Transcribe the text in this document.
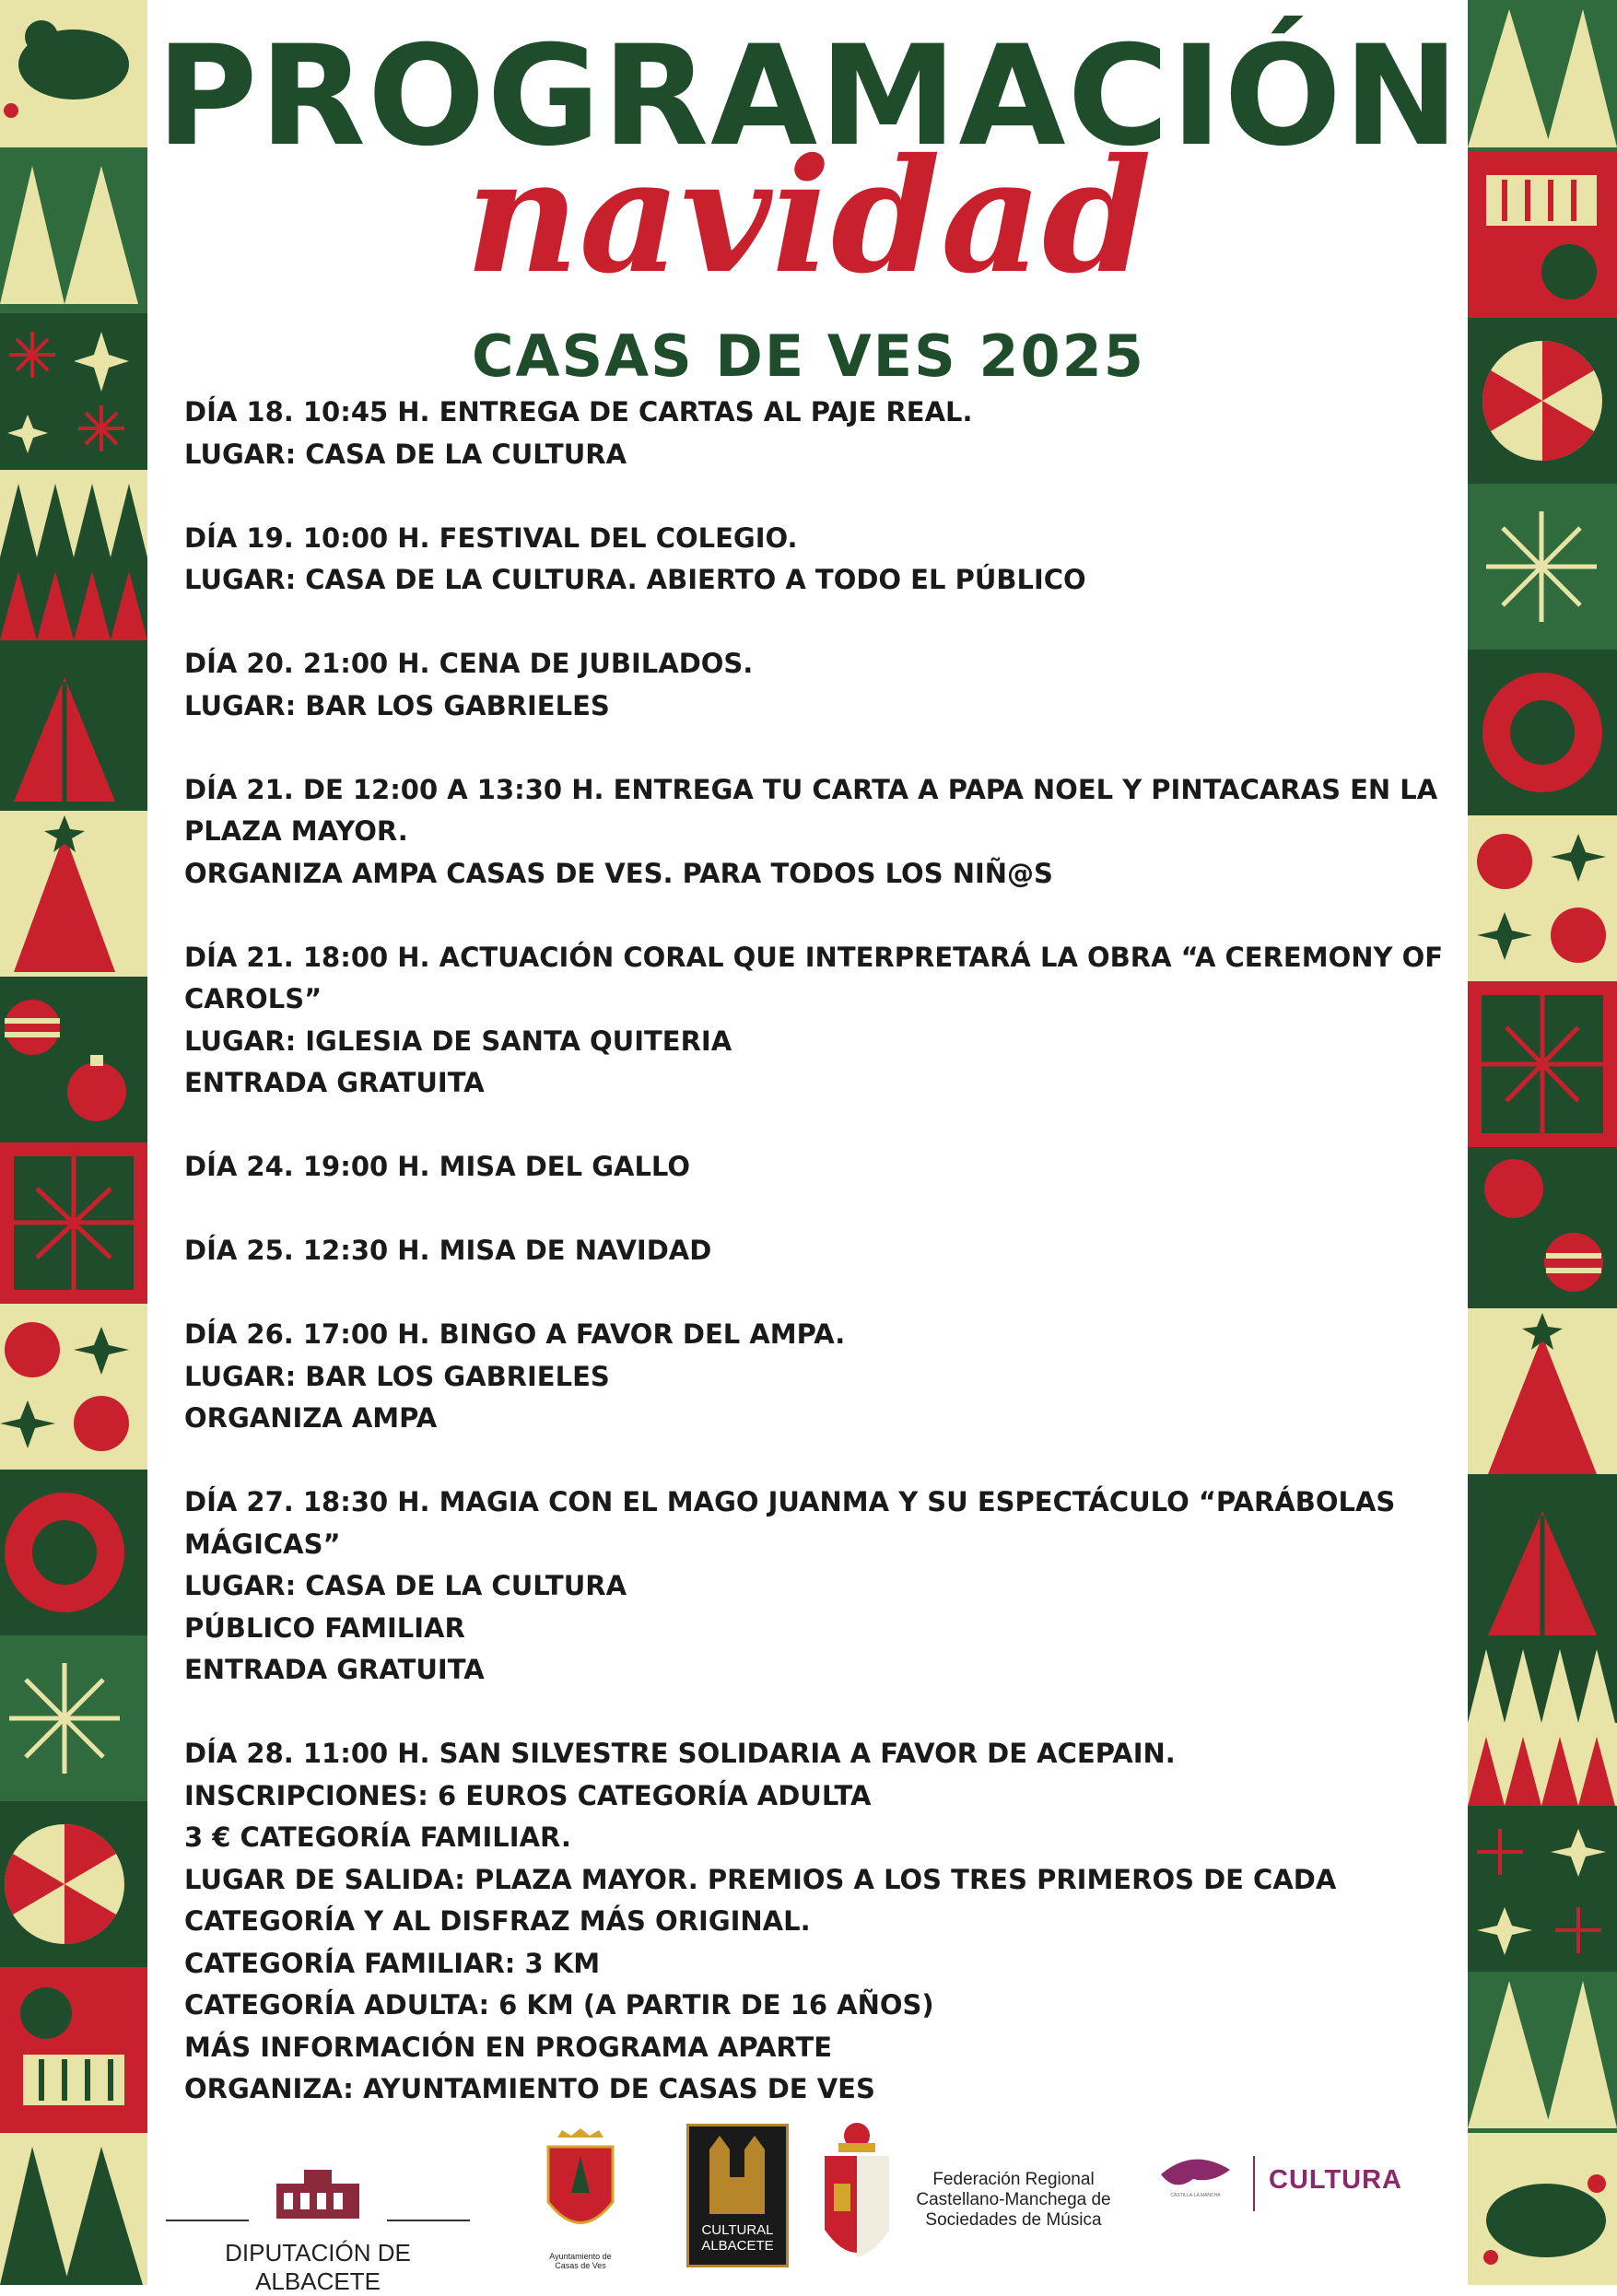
PROGRAMACIÓN
navidad
CASAS DE VES 2025
DÍA 18. 10:45 H. ENTREGA DE CARTAS AL PAJE REAL.
LUGAR: CASA DE LA CULTURA
DÍA 19. 10:00 H. FESTIVAL DEL COLEGIO.
LUGAR: CASA DE LA CULTURA. ABIERTO A TODO EL PÚBLICO
DÍA 20. 21:00 H. CENA DE JUBILADOS.
LUGAR: BAR LOS GABRIELES
DÍA 21. DE 12:00 A 13:30 H. ENTREGA TU CARTA A PAPA NOEL Y PINTACARAS EN LA PLAZA MAYOR.
ORGANIZA AMPA CASAS DE VES. PARA TODOS LOS NIÑ@S
DÍA 21. 18:00 H. ACTUACIÓN CORAL QUE INTERPRETARÁ LA OBRA “A CEREMONY OF CAROLS”
LUGAR: IGLESIA DE SANTA QUITERIA
ENTRADA GRATUITA
DÍA 24. 19:00 H. MISA DEL GALLO
DÍA 25. 12:30 H. MISA DE NAVIDAD
DÍA 26. 17:00 H. BINGO A FAVOR DEL AMPA.
LUGAR: BAR LOS GABRIELES
ORGANIZA AMPA
DÍA 27. 18:30 H. MAGIA CON EL MAGO JUANMA Y SU ESPECTÁCULO “PARÁBOLAS MÁGICAS”
LUGAR: CASA DE LA CULTURA
PÚBLICO FAMILIAR
ENTRADA GRATUITA
DÍA 28. 11:00 H. SAN SILVESTRE SOLIDARIA A FAVOR DE ACEPAIN.
INSCRIPCIONES: 6 EUROS CATEGORÍA ADULTA
3 € CATEGORÍA FAMILIAR.
LUGAR DE SALIDA: PLAZA MAYOR. PREMIOS A LOS TRES PRIMEROS DE CADA CATEGORÍA Y AL DISFRAZ MÁS ORIGINAL.
CATEGORÍA FAMILIAR: 3 KM
CATEGORÍA ADULTA: 6 KM (A PARTIR DE 16 AÑOS)
MÁS INFORMACIÓN EN PROGRAMA APARTE
ORGANIZA: AYUNTAMIENTO DE CASAS DE VES
DIPUTACIÓN DE ALBACETE
Ayuntamiento de Casas de Ves
CULTURAL ALBACETE
Federación Regional
Castellano-Manchega de
Sociedades de Música
CASTILLA-LA MANCHA
CULTURA
